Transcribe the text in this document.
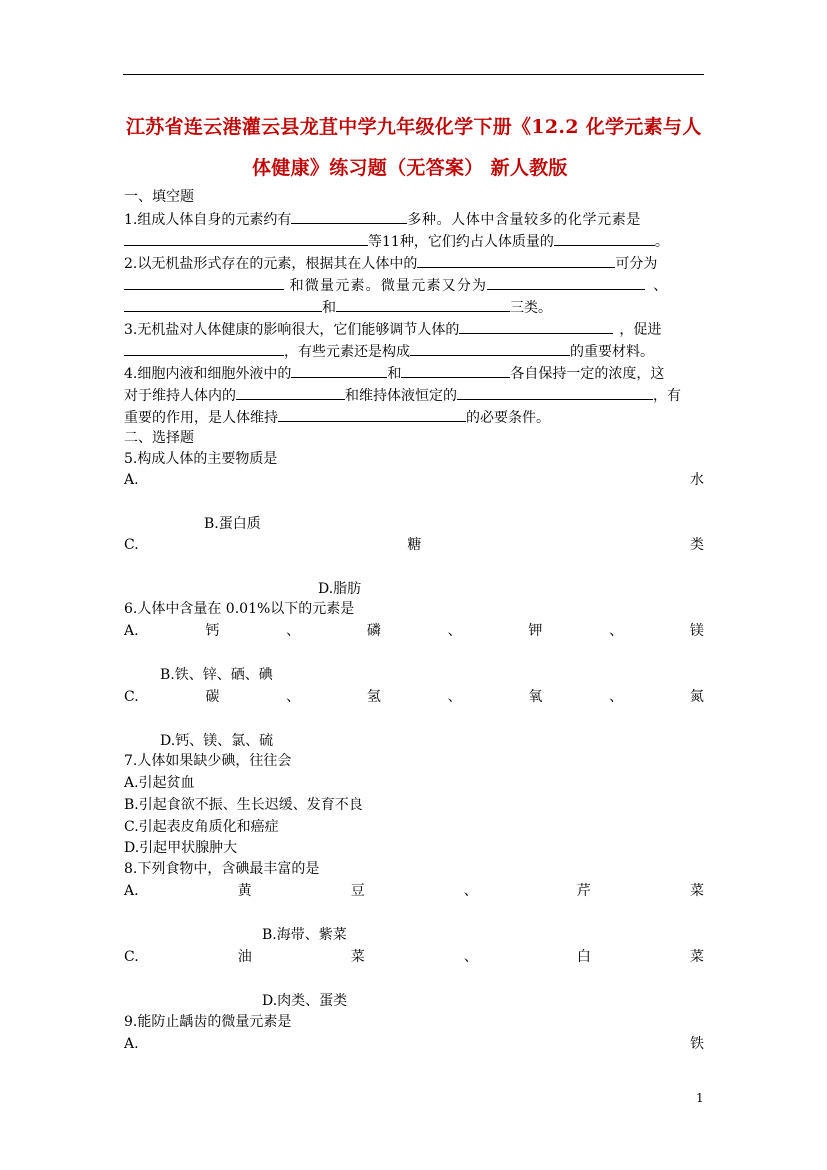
江苏省连云港灌云县龙苴中学九年级化学下册《12.2 化学元素与人
体健康》练习题（无答案） 新人教版
一、填空题
1.组成人体自身的元素约有	多种。人体中含量较多的化学元素是
等11种，它们约占人体质量的	。
2.以无机盐形式存在的元素，根据其在人体中的	可分为
和微量元素。微量元素又分为	、
和	三类。
3.无机盐对人体健康的影响很大，它们能够调节人体的	，促进
，有些元素还是构成	的重要材料。
4.细胞内液和细胞外液中的	和	各自保持一定的浓度，这
对于维持人体内的	和维持体液恒定的	，有
重要的作用，是人体维持	的必要条件。
二、选择题
5.构成人体的主要物质是
A.	水
B.蛋白质
C.	糖	类
D.脂肪
6.人体中含量在 0.01%以下的元素是
A.	钙	、	磷	、	钾	、	镁
B.铁、锌、硒、碘
C.	碳	、	氢	、	氧	、	氮
D.钙、镁、氯、硫
7.人体如果缺少碘，往往会
A.引起贫血
B.引起食欲不振、生长迟缓、发育不良
C.引起表皮角质化和癌症
D.引起甲状腺肿大
8.下列食物中，含碘最丰富的是
A.	黄	豆	、	芹	菜
B.海带、紫菜
C.	油	菜	、	白	菜
D.肉类、蛋类
9.能防止龋齿的微量元素是
A.	铁
1
